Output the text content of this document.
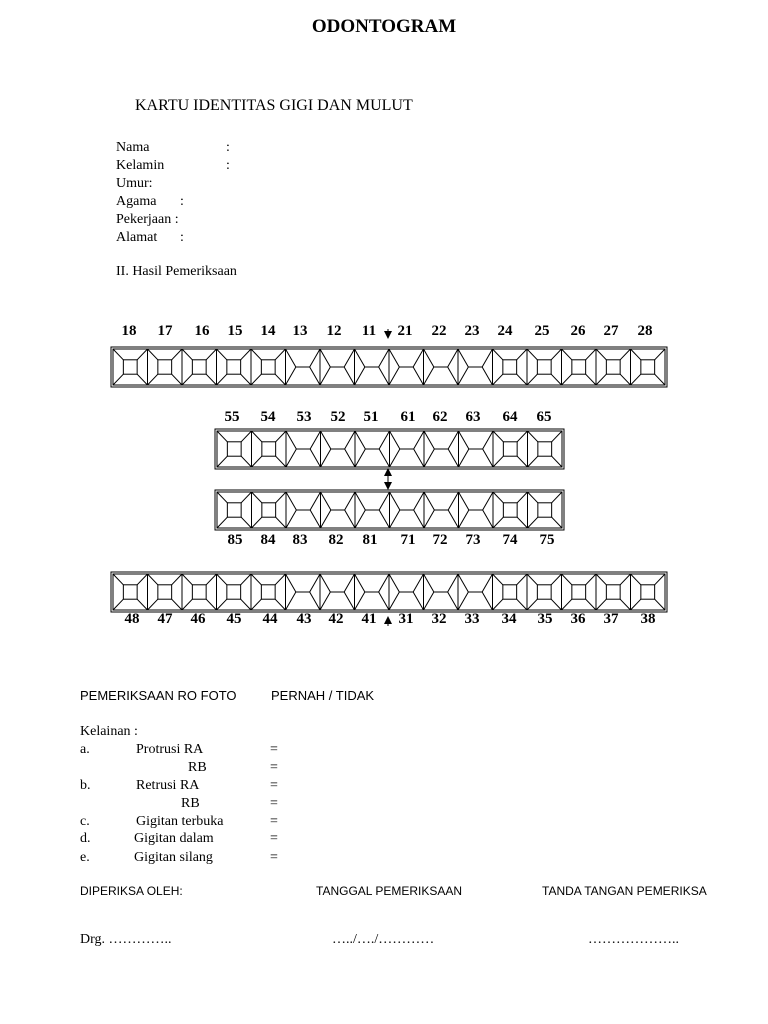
ODONTOGRAM
KARTU IDENTITAS GIGI DAN MULUT
Nama	:
Kelamin	:
Umur:
Agama :
Pekerjaan :
Alamat :
II. Hasil Pemeriksaan
18	17	16	15	14	13	12	11	21	22	23	24	25	26	27	28
55	54	53	52	51	61	62	63	64	65
85	84	83	82	81	71	72	73	74	75
48	47	46	45	44	43	42	41	31	32	33	34	35	36	37	38
PEMERIKSAAN RO FOTO	PERNAH / TIDAK
Kelainan :
a.	Protrusi RA	=
RB	=
b.	Retrusi RA	=
RB	=
c.	Gigitan terbuka	=
d.	Gigitan dalam	=
e.	Gigitan silang	=
DIPERIKSA OLEH:	TANGGAL PEMERIKSAAN	TANDA TANGAN PEMERIKSA
Drg. …………..	…../…./…………	………………..
